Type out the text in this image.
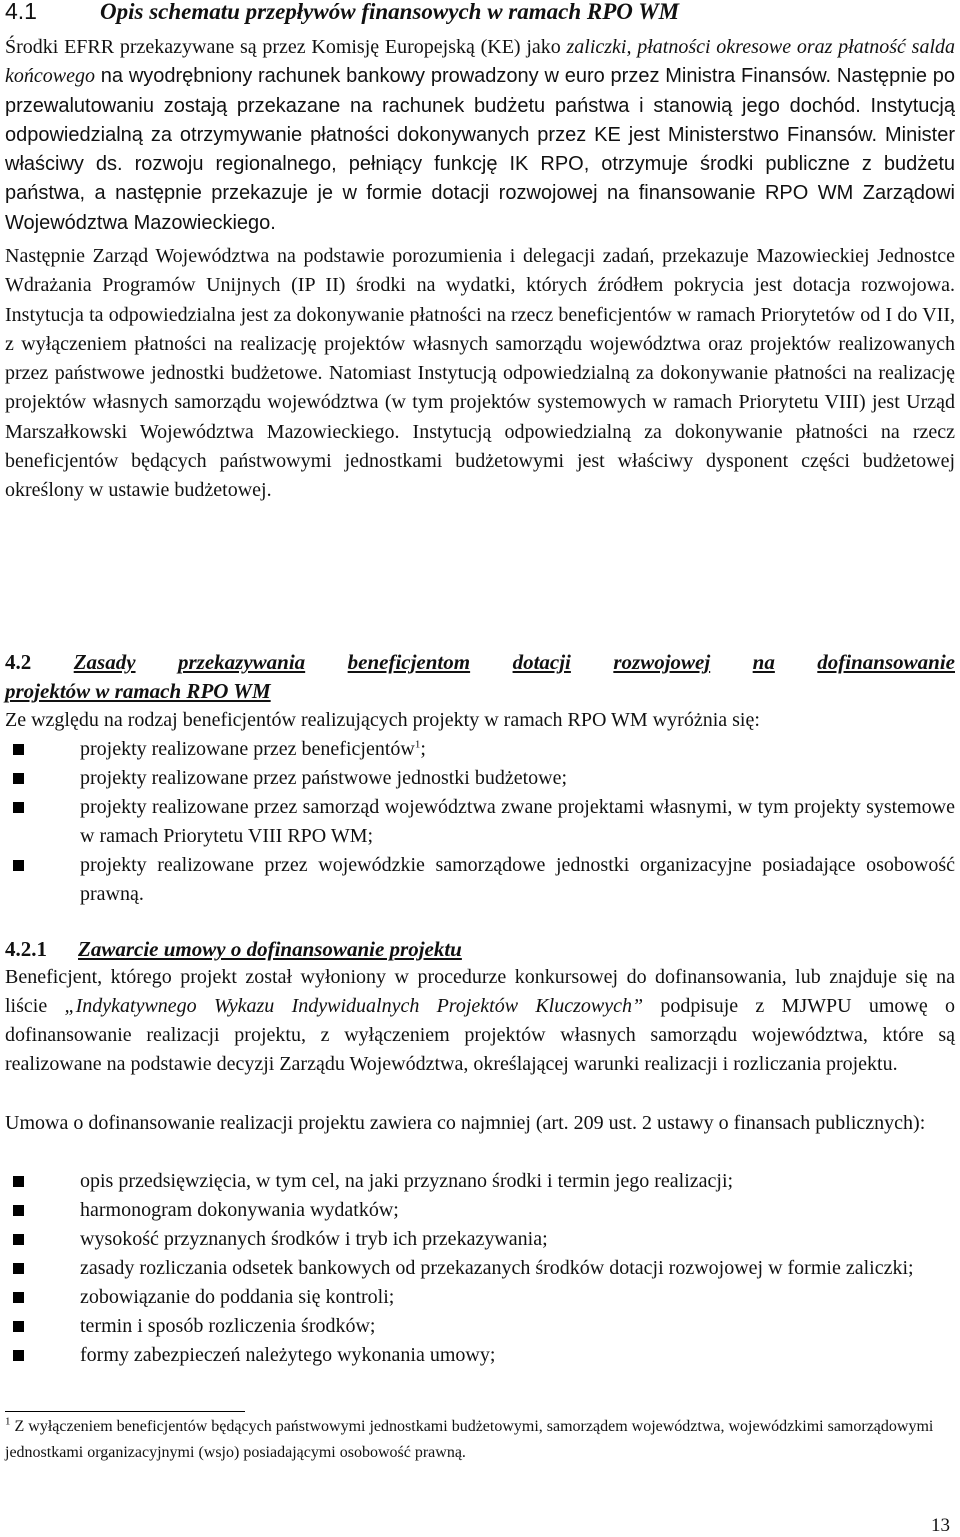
4.1	Opis schematu przepływów finansowych w ramach RPO WM
Środki EFRR przekazywane są przez Komisję Europejską (KE) jako zaliczki, płatności okresowe oraz płatność salda końcowego na wyodrębniony rachunek bankowy prowadzony w euro przez Ministra Finansów. Następnie po przewalutowaniu zostają przekazane na rachunek budżetu państwa i stanowią jego dochód. Instytucją odpowiedzialną za otrzymywanie płatności dokonywanych przez KE jest Ministerstwo Finansów. Minister właściwy ds. rozwoju regionalnego, pełniący funkcję IK RPO, otrzymuje środki publiczne z budżetu państwa, a następnie przekazuje je w formie dotacji rozwojowej na finansowanie RPO WM Zarządowi Województwa Mazowieckiego.
Następnie Zarząd Województwa na podstawie porozumienia i delegacji zadań, przekazuje Mazowieckiej Jednostce Wdrażania Programów Unijnych (IP II) środki na wydatki, których źródłem pokrycia jest dotacja rozwojowa. Instytucja ta odpowiedzialna jest za dokonywanie płatności na rzecz beneficjentów w ramach Priorytetów od I do VII, z wyłączeniem płatności na realizację projektów własnych samorządu województwa oraz projektów realizowanych przez państwowe jednostki budżetowe. Natomiast Instytucją odpowiedzialną za dokonywanie płatności na realizację projektów własnych samorządu województwa (w tym projektów systemowych w ramach Priorytetu VIII) jest Urząd Marszałkowski Województwa Mazowieckiego. Instytucją odpowiedzialną za dokonywanie płatności na rzecz beneficjentów będących państwowymi jednostkami budżetowymi jest właściwy dysponent części budżetowej określony w ustawie budżetowej.
4.2 Zasady przekazywania beneficjentom dotacji rozwojowej na dofinansowanie
projektów w ramach RPO WM
Ze względu na rodzaj beneficjentów realizujących projekty w ramach RPO WM wyróżnia się:
projekty realizowane przez beneficjentów$^1$;
projekty realizowane przez państwowe jednostki budżetowe;
projekty realizowane przez samorząd województwa zwane projektami własnymi, w tym projekty systemowe w ramach Priorytetu VIII RPO WM;
projekty realizowane przez wojewódzkie samorządowe jednostki organizacyjne posiadające osobowość prawną.
4.2.1 Zawarcie umowy o dofinansowanie projektu
Beneficjent, którego projekt został wyłoniony w procedurze konkursowej do dofinansowania, lub znajduje się na liście „Indykatywnego Wykazu Indywidualnych Projektów Kluczowych” podpisuje z MJWPU umowę o dofinansowanie realizacji projektu, z wyłączeniem projektów własnych samorządu województwa, które są realizowane na podstawie decyzji Zarządu Województwa, określającej warunki realizacji i rozliczania projektu.
Umowa o dofinansowanie realizacji projektu zawiera co najmniej (art. 209 ust. 2 ustawy o finansach publicznych):
opis przedsięwzięcia, w tym cel, na jaki przyznano środki i termin jego realizacji;
harmonogram dokonywania wydatków;
wysokość przyznanych środków i tryb ich przekazywania;
zasady rozliczania odsetek bankowych od przekazanych środków dotacji rozwojowej w formie zaliczki;
zobowiązanie do poddania się kontroli;
termin i sposób rozliczenia środków;
formy zabezpieczeń należytego wykonania umowy;
$^1$ Z wyłączeniem beneficjentów będących państwowymi jednostkami budżetowymi, samorządem województwa, wojewódzkimi samorządowymi jednostkami organizacyjnymi (wsjo) posiadającymi osobowość prawną.
13
